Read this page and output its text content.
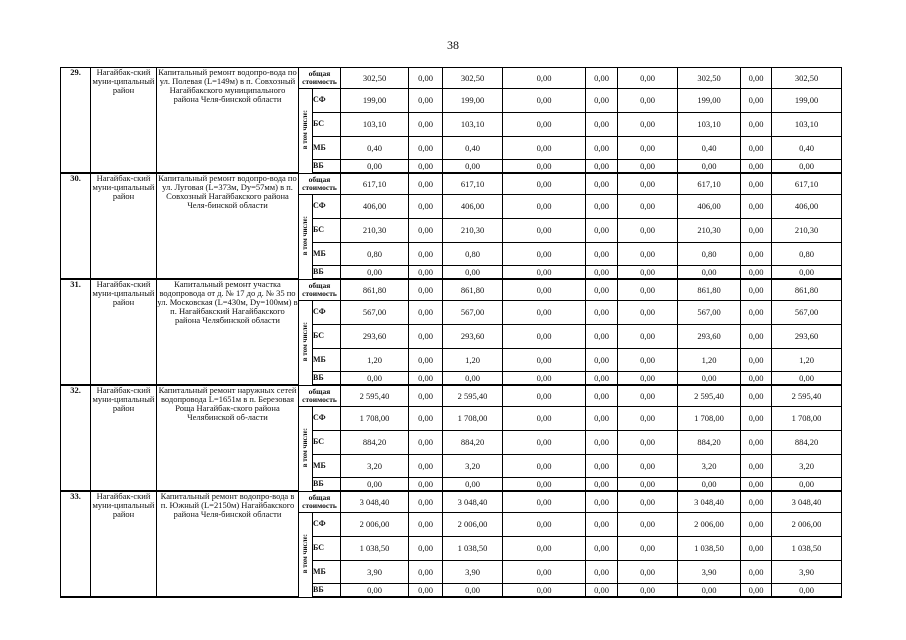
38
29.	Нагайбак-ский муни-ципальный район	Капитальный ремонт водопро-вода по ул. Полевая (L=149м) в п. Совхозный Нагайбакского муниципального района Челя-бинской области	общая стоимость		302,50	0,00	302,50	0,00	0,00	0,00	302,50	0,00	302,50
			в том числе:	СФ	199,00	0,00	199,00	0,00	0,00	0,00	199,00	0,00	199,00
				БС	103,10	0,00	103,10	0,00	0,00	0,00	103,10	0,00	103,10
				МБ	0,40	0,00	0,40	0,00	0,00	0,00	0,40	0,00	0,40
				ВБ	0,00	0,00	0,00	0,00	0,00	0,00	0,00	0,00	0,00
30.	Нагайбак-ский муни-ципальный район	Капитальный ремонт водопро-вода по ул. Луговая (L=373м, Dy=57мм) в п. Совхозный Нагайбакского района Челя-бинской области	общая стоимость		617,10	0,00	617,10	0,00	0,00	0,00	617,10	0,00	617,10
			в том числе:	СФ	406,00	0,00	406,00	0,00	0,00	0,00	406,00	0,00	406,00
				БС	210,30	0,00	210,30	0,00	0,00	0,00	210,30	0,00	210,30
				МБ	0,80	0,00	0,80	0,00	0,00	0,00	0,80	0,00	0,80
				ВБ	0,00	0,00	0,00	0,00	0,00	0,00	0,00	0,00	0,00
31.	Нагайбак-ский муни-ципальный район	Капитальный ремонт участка водопровода от д. № 17 до д. № 35 по ул. Московская (L=430м, Dy=100мм) в п. Нагайбакский Нагайбакского района Челябинской области	общая стоимость		861,80	0,00	861,80	0,00	0,00	0,00	861,80	0,00	861,80
			в том числе:	СФ	567,00	0,00	567,00	0,00	0,00	0,00	567,00	0,00	567,00
				БС	293,60	0,00	293,60	0,00	0,00	0,00	293,60	0,00	293,60
				МБ	1,20	0,00	1,20	0,00	0,00	0,00	1,20	0,00	1,20
				ВБ	0,00	0,00	0,00	0,00	0,00	0,00	0,00	0,00	0,00
32.	Нагайбак-ский муни-ципальный район	Капитальный ремонт наружных сетей водопровода L=1651м в п. Березовая Роща Нагайбак-ского района Челябинской об-ласти	общая стоимость		2 595,40	0,00	2 595,40	0,00	0,00	0,00	2 595,40	0,00	2 595,40
			в том числе:	СФ	1 708,00	0,00	1 708,00	0,00	0,00	0,00	1 708,00	0,00	1 708,00
				БС	884,20	0,00	884,20	0,00	0,00	0,00	884,20	0,00	884,20
				МБ	3,20	0,00	3,20	0,00	0,00	0,00	3,20	0,00	3,20
				ВБ	0,00	0,00	0,00	0,00	0,00	0,00	0,00	0,00	0,00
33.	Нагайбак-ский муни-ципальный район	Капитальный ремонт водопро-вода в п. Южный (L=2150м) Нагайбакского района Челя-бинской области	общая стоимость		3 048,40	0,00	3 048,40	0,00	0,00	0,00	3 048,40	0,00	3 048,40
			в том числе:	СФ	2 006,00	0,00	2 006,00	0,00	0,00	0,00	2 006,00	0,00	2 006,00
				БС	1 038,50	0,00	1 038,50	0,00	0,00	0,00	1 038,50	0,00	1 038,50
				МБ	3,90	0,00	3,90	0,00	0,00	0,00	3,90	0,00	3,90
				ВБ	0,00	0,00	0,00	0,00	0,00	0,00	0,00	0,00	0,00
